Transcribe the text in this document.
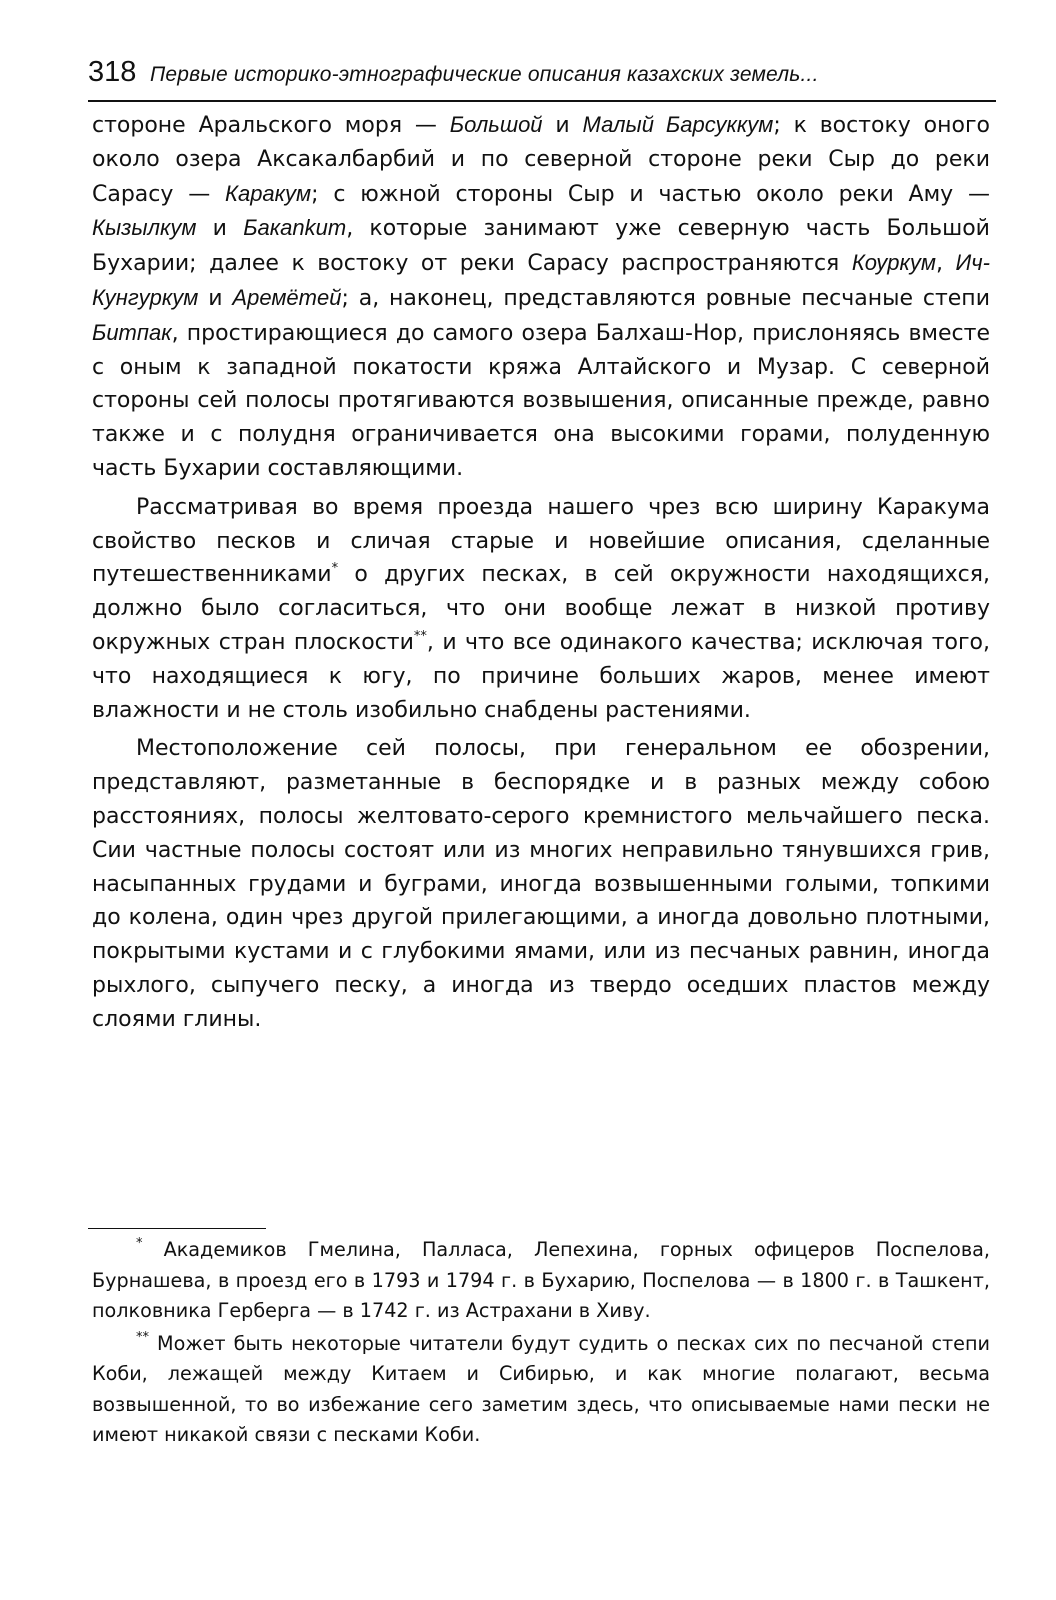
318 Первые историко-этнографические описания казахских земель...

стороне Аральского моря — Большой и Малый Барсуккум; к востоку оного около озера Аксакалбарбий и по северной стороне реки Сыр до реки Сарасу — Каракум; с южной стороны Сыр и частью около реки Аму — Кызылкум и Бакankum, которые занимают уже северную часть Большой Бухарии; далее к востоку от реки Сарасу распространяются Коуркум, Ич-Кунгуркум и Аремётей; а, наконец, представляются ровные песчаные степи Битпак, простирающиеся до самого озера Балхаш-Нор, прислоняясь вместе с оным к западной покатости кряжа Алтайского и Музар. С северной стороны сей полосы протягиваются возвышения, описанные прежде, равно также и с полудня ограничивается она высокими горами, полуденную часть Бухарии составляющими.

Рассматривая во время проезда нашего чрез всю ширину Каракума свойство песков и сличая старые и новейшие описания, сделанные путешественниками* о других песках, в сей окружности находящихся, должно было согласиться, что они вообще лежат в низкой противу окружных стран плоскости**, и что все одинакого качества; исключая того, что находящиеся к югу, по причине больших жаров, менее имеют влажности и не столь изобильно снабдены растениями.

Местоположение сей полосы, при генеральном ее обозрении, представляют, разметанные в беспорядке и в разных между собою расстояниях, полосы желтовато-серого кремнистого мельчайшего песка. Сии частные полосы состоят или из многих неправильно тянувшихся грив, насыпанных грудами и буграми, иногда возвышенными голыми, топкими до колена, один чрез другой прилегающими, а иногда довольно плотными, покрытыми кустами и с глубокими ямами, или из песчаных равнин, иногда рыхлого, сыпучего песку, а иногда из твердо оседших пластов между слоями глины.

* Академиков Гмелина, Палласа, Лепехина, горных офицеров Поспелова, Бурнашева, в проезд его в 1793 и 1794 г. в Бухарию, Поспелова — в 1800 г. в Ташкент, полковника Герберга — в 1742 г. из Астрахани в Хиву.

** Может быть некоторые читатели будут судить о песках сих по песчаной степи Коби, лежащей между Китаем и Сибирью, и как многие полагают, весьма возвышенной, то во избежание сего заметим здесь, что описываемые нами пески не имеют никакой связи с песками Коби.
